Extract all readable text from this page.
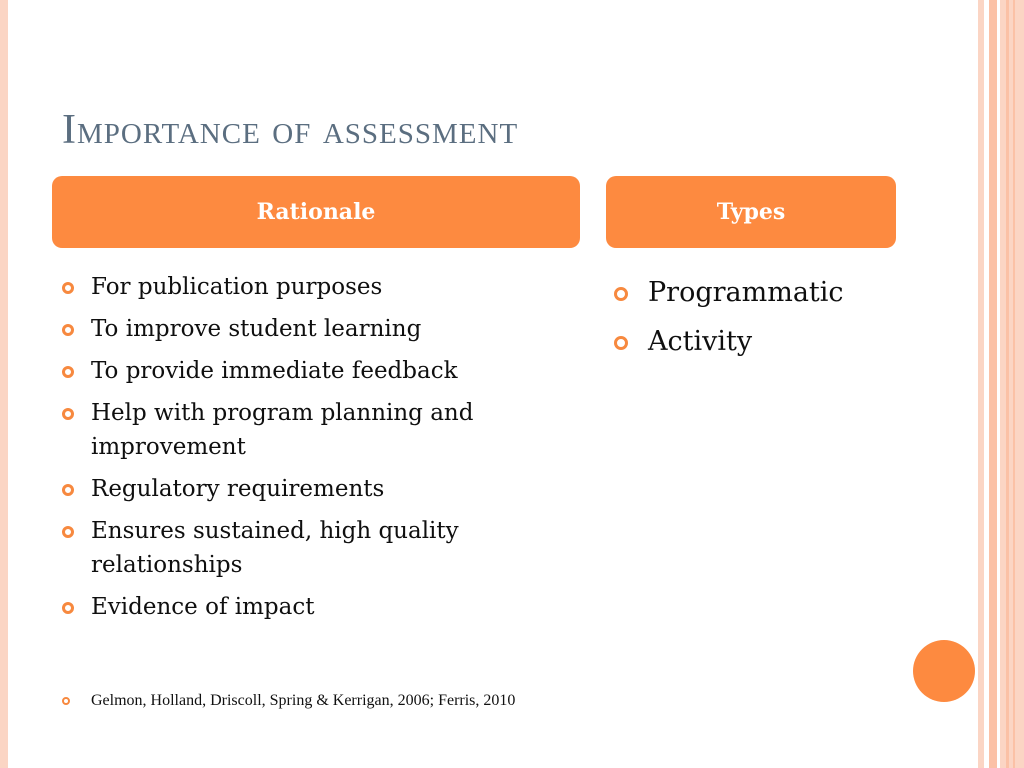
Importance of assessment
Rationale	Types
For publication purposes
To improve student learning
To provide immediate feedback
Help with program planning and improvement
Regulatory requirements
Ensures sustained, high quality relationships
Evidence of impact
Programmatic
Activity
Gelmon, Holland, Driscoll, Spring & Kerrigan, 2006; Ferris, 2010
